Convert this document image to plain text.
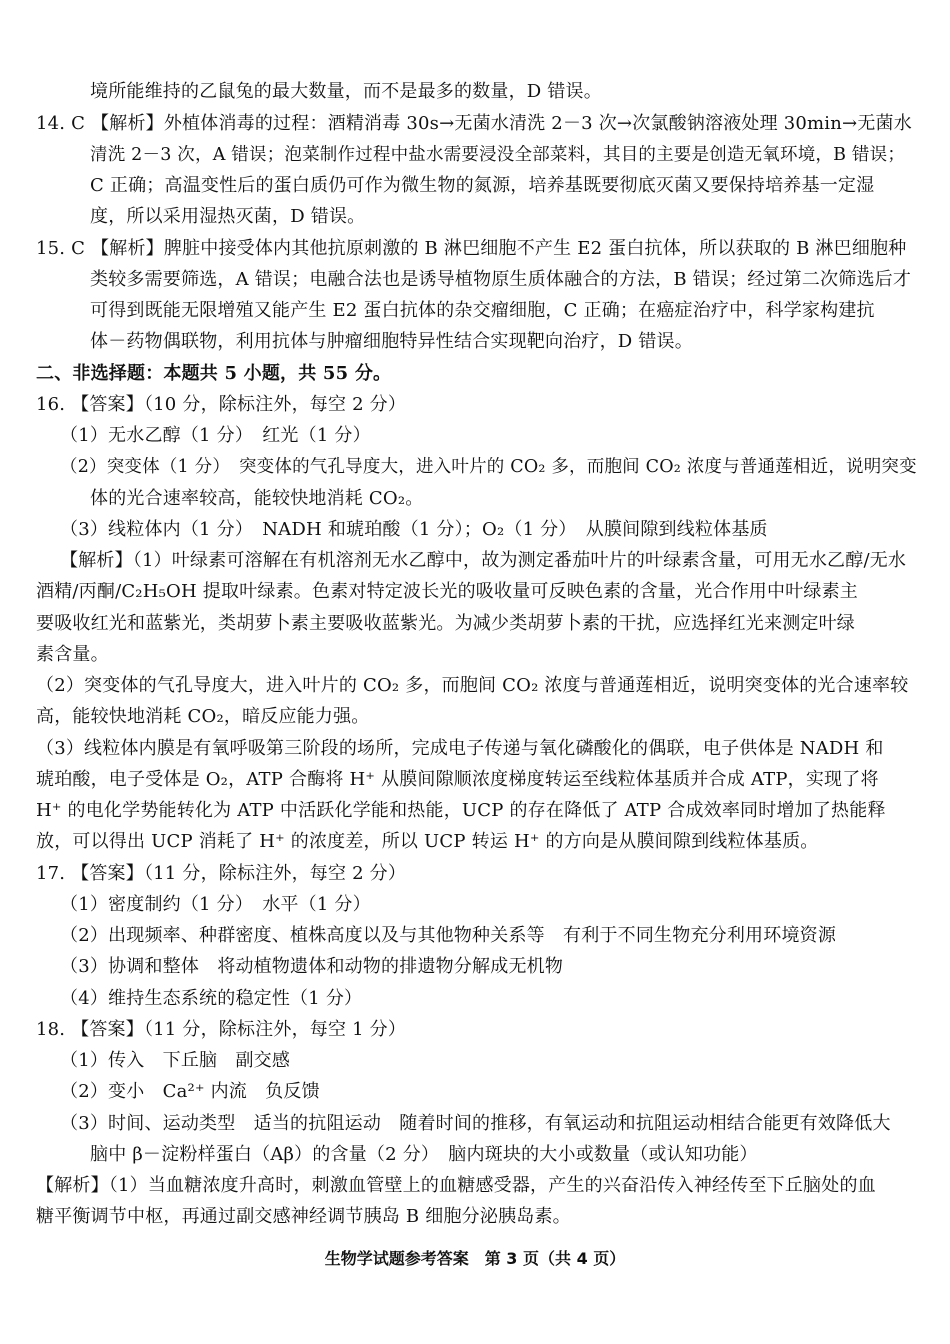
境所能维持的乙鼠兔的最大数量，而不是最多的数量，D 错误。
14. C 【解析】外植体消毒的过程：酒精消毒 30s→无菌水清洗 2－3 次→次氯酸钠溶液处理 30min→无菌水
清洗 2－3 次，A 错误；泡菜制作过程中盐水需要浸没全部菜料，其目的主要是创造无氧环境，B 错误；
C 正确；高温变性后的蛋白质仍可作为微生物的氮源，培养基既要彻底灭菌又要保持培养基一定湿
度，所以采用湿热灭菌，D 错误。
15. C 【解析】脾脏中接受体内其他抗原刺激的 B 淋巴细胞不产生 E2 蛋白抗体，所以获取的 B 淋巴细胞种
类较多需要筛选，A 错误；电融合法也是诱导植物原生质体融合的方法，B 错误；经过第二次筛选后才
可得到既能无限增殖又能产生 E2 蛋白抗体的杂交瘤细胞，C 正确；在癌症治疗中，科学家构建抗
体－药物偶联物，利用抗体与肿瘤细胞特异性结合实现靶向治疗，D 错误。
二、非选择题：本题共 5 小题，共 55 分。
16. 【答案】（10 分，除标注外，每空 2 分）
（1）无水乙醇（1 分）　红光（1 分）
（2）突变体（1 分）　突变体的气孔导度大，进入叶片的 CO₂ 多，而胞间 CO₂ 浓度与普通莲相近，说明突变
体的光合速率较高，能较快地消耗 CO₂。
（3）线粒体内（1 分）　NADH 和琥珀酸（1 分）；O₂（1 分）　从膜间隙到线粒体基质
【解析】（1）叶绿素可溶解在有机溶剂无水乙醇中，故为测定番茄叶片的叶绿素含量，可用无水乙醇/无水
酒精/丙酮/C₂H₅OH 提取叶绿素。色素对特定波长光的吸收量可反映色素的含量，光合作用中叶绿素主
要吸收红光和蓝紫光，类胡萝卜素主要吸收蓝紫光。为减少类胡萝卜素的干扰，应选择红光来测定叶绿
素含量。
（2）突变体的气孔导度大，进入叶片的 CO₂ 多，而胞间 CO₂ 浓度与普通莲相近，说明突变体的光合速率较
高，能较快地消耗 CO₂，暗反应能力强。
（3）线粒体内膜是有氧呼吸第三阶段的场所，完成电子传递与氧化磷酸化的偶联，电子供体是 NADH 和
琥珀酸，电子受体是 O₂，ATP 合酶将 H⁺ 从膜间隙顺浓度梯度转运至线粒体基质并合成 ATP，实现了将
H⁺ 的电化学势能转化为 ATP 中活跃化学能和热能，UCP 的存在降低了 ATP 合成效率同时增加了热能释
放，可以得出 UCP 消耗了 H⁺ 的浓度差，所以 UCP 转运 H⁺ 的方向是从膜间隙到线粒体基质。
17. 【答案】（11 分，除标注外，每空 2 分）
（1）密度制约（1 分）　水平（1 分）
（2）出现频率、种群密度、植株高度以及与其他物种关系等　有利于不同生物充分利用环境资源
（3）协调和整体　将动植物遗体和动物的排遗物分解成无机物
（4）维持生态系统的稳定性（1 分）
18. 【答案】（11 分，除标注外，每空 1 分）
（1）传入　下丘脑　副交感
（2）变小　Ca²⁺ 内流　负反馈
（3）时间、运动类型　适当的抗阻运动　随着时间的推移，有氧运动和抗阻运动相结合能更有效降低大
脑中 β－淀粉样蛋白（Aβ）的含量（2 分）　脑内斑块的大小或数量（或认知功能）
【解析】（1）当血糖浓度升高时，刺激血管壁上的血糖感受器，产生的兴奋沿传入神经传至下丘脑处的血
糖平衡调节中枢，再通过副交感神经调节胰岛 B 细胞分泌胰岛素。
生物学试题参考答案　第 3 页（共 4 页）
